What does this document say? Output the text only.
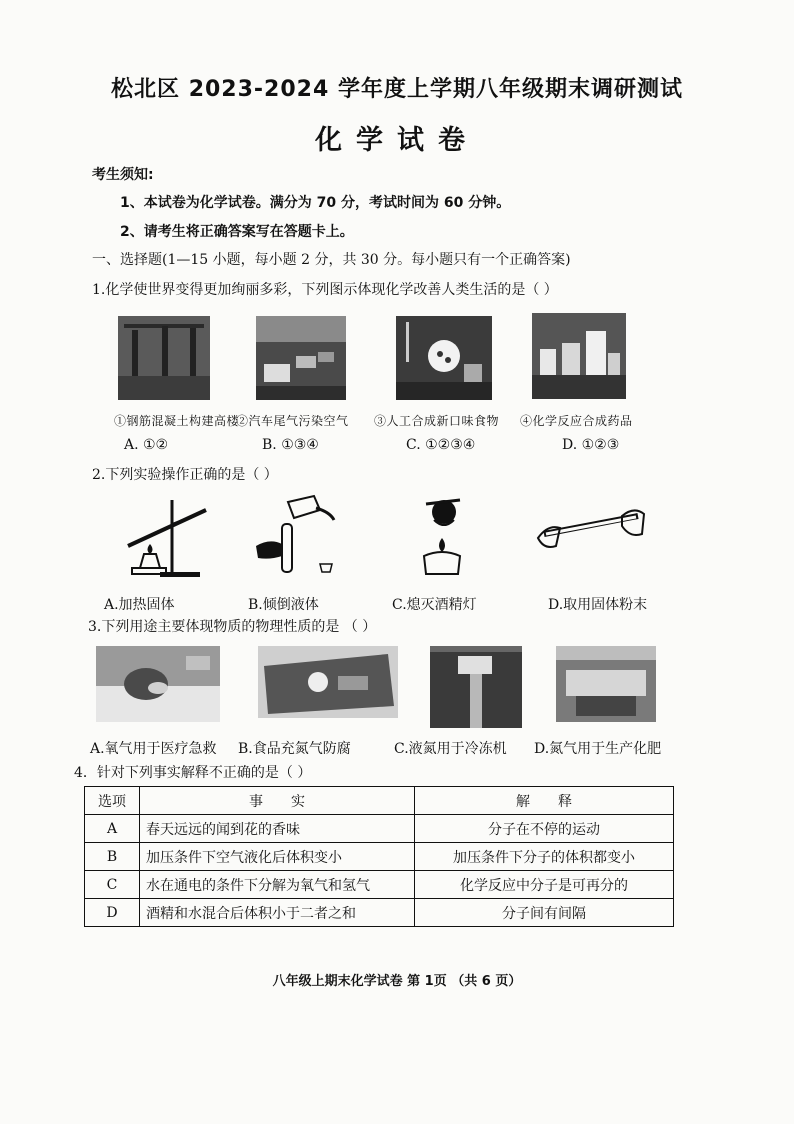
松北区 2023-2024 学年度上学期八年级期末调研测试
化学试卷
考生须知:
1、本试卷为化学试卷。满分为 70 分，考试时间为 60 分钟。
2、请考生将正确答案写在答题卡上。
一、选择题(1—15 小题，每小题 2 分，共 30 分。每小题只有一个正确答案)
1.化学使世界变得更加绚丽多彩，下列图示体现化学改善人类生活的是（ ）
①钢筋混凝土构建高楼
②汽车尾气污染空气 ③人工合成新口味食物 ④化学反应合成药品
A. ①②	B. ①③④	C. ①②③④	D. ①②③
2.下列实验操作正确的是（ ）
A.加热固体	B.倾倒液体	C.熄灭酒精灯	D.取用固体粉末
3.下列用途主要体现物质的物理性质的是 （ ）
A.氧气用于医疗急救 B.食品充氮气防腐	C.液氮用于冷冻机 D.氮气用于生产化肥
4．针对下列事实解释不正确的是（ ）
选项	事　　实	解　　释
A	春天远远的闻到花的香味	分子在不停的运动
B	加压条件下空气液化后体积变小	加压条件下分子的体积都变小
C	水在通电的条件下分解为氧气和氢气	化学反应中分子是可再分的
D	酒精和水混合后体积小于二者之和	分子间有间隔
八年级上期末化学试卷 第 1页 （共 6 页）
